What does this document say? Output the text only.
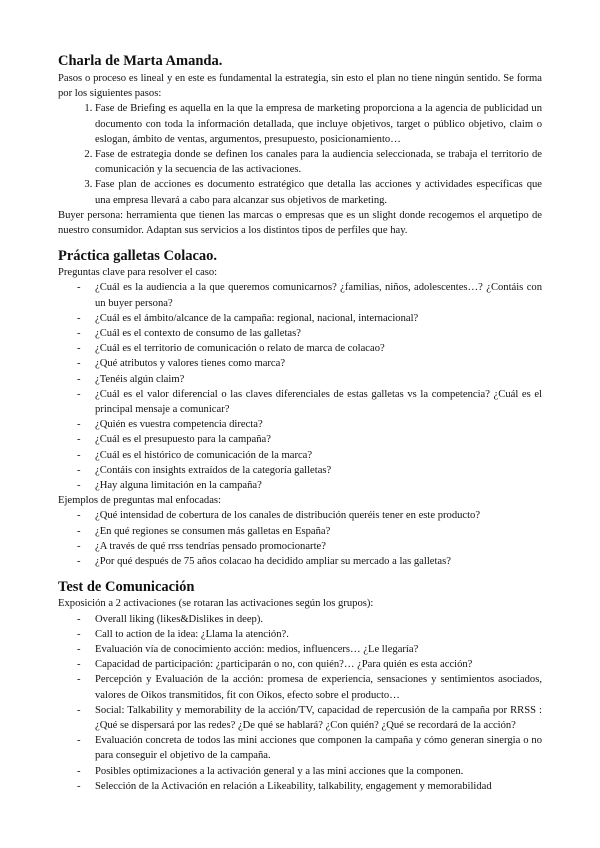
Charla de Marta Amanda.

Pasos o proceso es lineal y en este es fundamental la estrategia, sin esto el plan no tiene ningún sentido. Se forma por los siguientes pasos:

1. Fase de Briefing es aquella en la que la empresa de marketing proporciona a la agencia de publicidad un documento con toda la información detallada, que incluye objetivos, target o público objetivo, claim o eslogan, ámbito de ventas, argumentos, presupuesto, posicionamiento…
2. Fase de estrategia donde se definen los canales para la audiencia seleccionada, se trabaja el territorio de comunicación y la secuencia de las activaciones.
3. Fase plan de acciones es documento estratégico que detalla las acciones y actividades específicas que una empresa llevará a cabo para alcanzar sus objetivos de marketing.

Buyer persona: herramienta que tienen las marcas o empresas que es un slight donde recogemos el arquetipo de nuestro consumidor. Adaptan sus servicios a los distintos tipos de perfiles que hay.

Práctica galletas Colacao.

Preguntas clave para resolver el caso:

- ¿Cuál es la audiencia a la que queremos comunicarnos? ¿familias, niños, adolescentes…? ¿Contáis con un buyer persona?
- ¿Cuál es el ámbito/alcance de la campaña: regional, nacional, internacional?
- ¿Cuál es el contexto de consumo de las galletas?
- ¿Cuál es el territorio de comunicación o relato de marca de colacao?
- ¿Qué atributos y valores tienes como marca?
- ¿Tenéis algún claim?
- ¿Cuál es el valor diferencial o las claves diferenciales de estas galletas vs la competencia? ¿Cuál es el principal mensaje a comunicar?
- ¿Quién es vuestra competencia directa?
- ¿Cuál es el presupuesto para la campaña?
- ¿Cuál es el histórico de comunicación de la marca?
- ¿Contáis con insights extraídos de la categoría galletas?
- ¿Hay alguna limitación en la campaña?

Ejemplos de preguntas mal enfocadas:

- ¿Qué intensidad de cobertura de los canales de distribución queréis tener en este producto?
- ¿En qué regiones se consumen más galletas en España?
- ¿A través de qué rrss tendrías pensado promocionarte?
- ¿Por qué después de 75 años colacao ha decidido ampliar su mercado a las galletas?
Test de Comunicación

Exposición a 2 activaciones (se rotaran las activaciones según los grupos):

- Overall liking (likes&Dislikes in deep).
- Call to action de la idea: ¿Llama la atención?.
- Evaluación vía de conocimiento acción: medios, influencers… ¿Le llegaría?
- Capacidad de participación: ¿participarán o no, con quién?… ¿Para quién es esta acción?
- Percepción y Evaluación de la acción: promesa de experiencia, sensaciones y sentimientos asociados, valores de Oikos transmitidos, fit con Oikos, efecto sobre el producto…
- Social: Talkability y memorability de la acción/TV, capacidad de repercusión de la campaña por RRSS : ¿Qué se dispersará por las redes? ¿De qué se hablará? ¿Con quién? ¿Qué se recordará de la acción?
- Evaluación concreta de todos las mini acciones que componen la campaña y cómo generan sinergia o no para conseguir el objetivo de la campaña.
- Posibles optimizaciones a la activación general y a las mini acciones que la componen.
- Selección de la Activación en relación a Likeability, talkability, engagement y memorabilidad
